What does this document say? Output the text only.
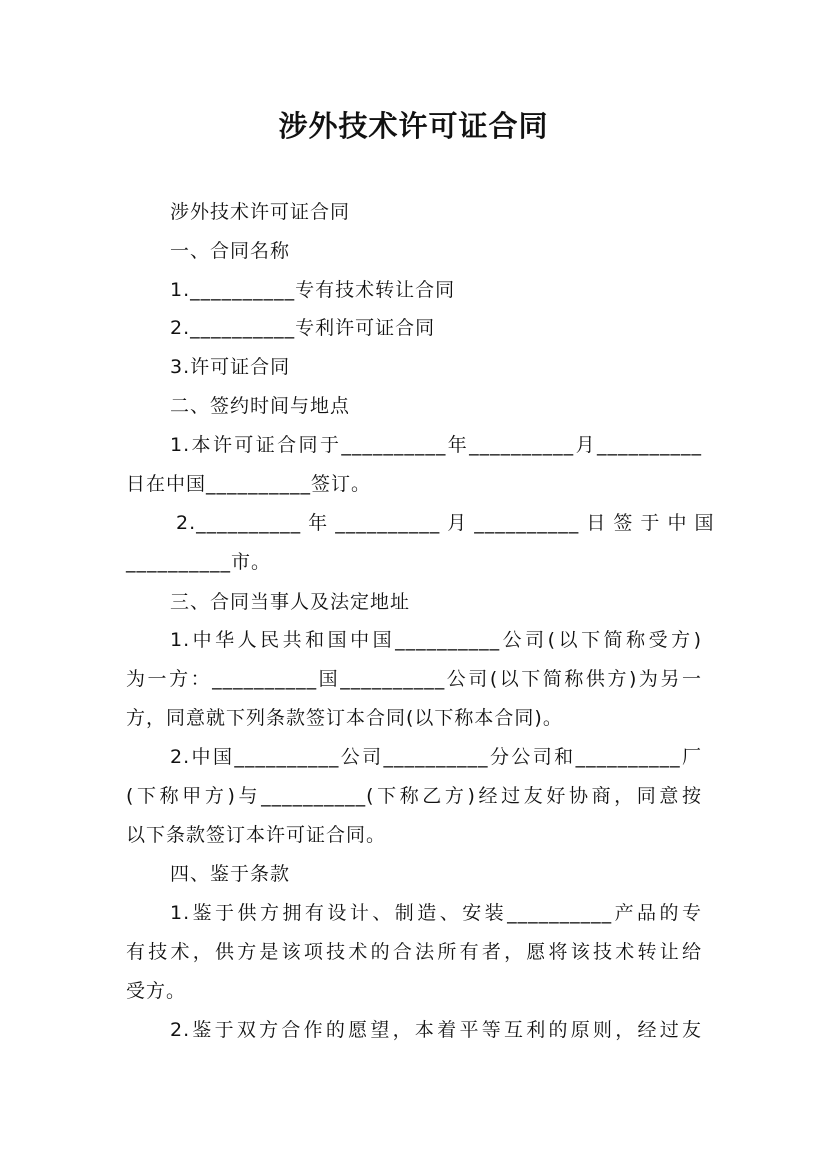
涉外技术许可证合同
涉外技术许可证合同
一、合同名称
1.__________专有技术转让合同
2.__________专利许可证合同
3.许可证合同
二、签约时间与地点
1.本许可证合同于__________年__________月__________
日在中国__________签订。
2.__________ 年 __________ 月 __________ 日 签 于 中 国
__________市。
三、合同当事人及法定地址
1.中华人民共和国中国__________公司(以下简称受方)
为一方：__________国__________公司(以下简称供方)为另一
方，同意就下列条款签订本合同(以下称本合同)。
2.中国__________公司__________分公司和__________厂
(下称甲方)与__________(下称乙方)经过友好协商，同意按
以下条款签订本许可证合同。
四、鉴于条款
1.鉴于供方拥有设计、制造、安装__________产品的专
有技术，供方是该项技术的合法所有者，愿将该技术转让给
受方。
2.鉴于双方合作的愿望，本着平等互利的原则，经过友
